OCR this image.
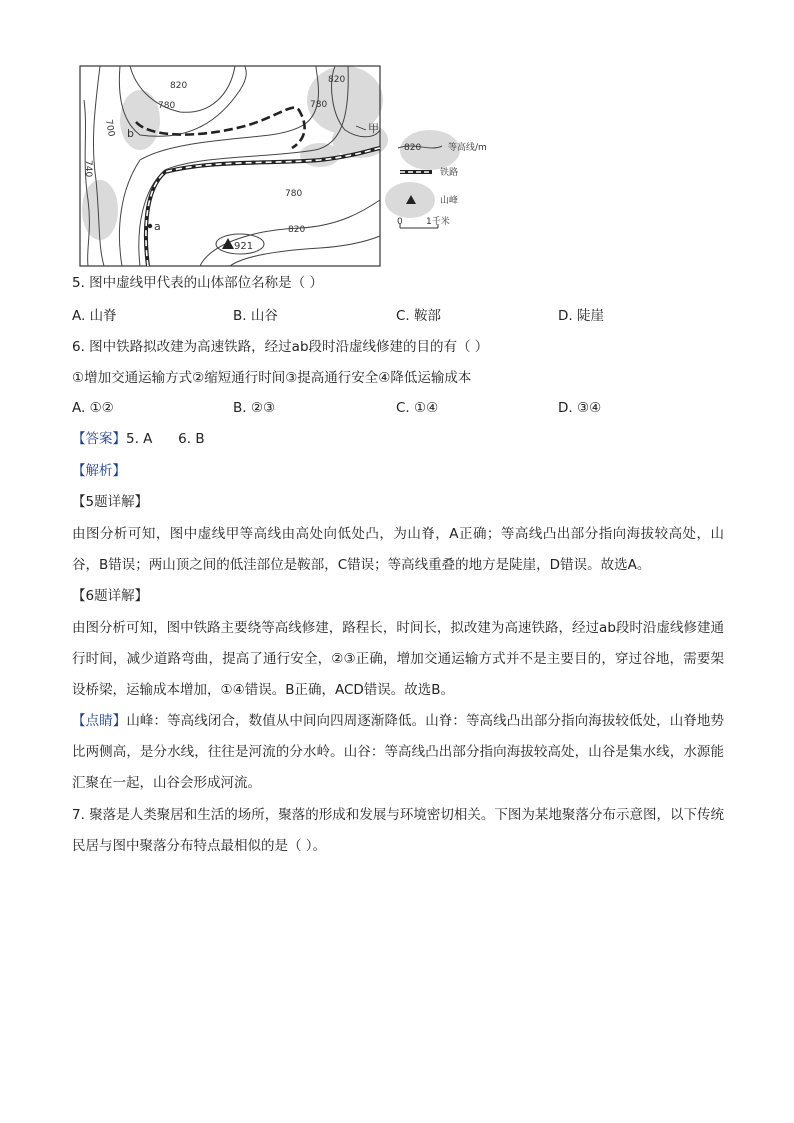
820
780
700
740
820
780
820
780
b
a
甲
921
820	等高线/m
铁路
山峰
0	1千米
5. 图中虚线甲代表的山体部位名称是（ ）
A. 山脊	B. 山谷	C. 鞍部	D. 陡崖
6. 图中铁路拟改建为高速铁路，经过ab段时沿虚线修建的目的有（ ）
①增加交通运输方式②缩短通行时间③提高通行安全④降低运输成本
A. ①②	B. ②③	C. ①④	D. ③④
【答案】5. A      6. B
【解析】
【5题详解】

由图分析可知，图中虚线甲等高线由高处向低处凸，为山脊，A正确；等高线凸出部分指向海拔较高处，山谷，B错误；两山顶之间的低洼部位是鞍部，C错误；等高线重叠的地方是陡崖，D错误。故选A。

【6题详解】

由图分析可知，图中铁路主要绕等高线修建，路程长，时间长，拟改建为高速铁路，经过ab段时沿虚线修建通行时间，减少道路弯曲，提高了通行安全，②③正确，增加交通运输方式并不是主要目的，穿过谷地，需要架设桥梁，运输成本增加，①④错误。B正确，ACD错误。故选B。

【点睛】山峰：等高线闭合，数值从中间向四周逐渐降低。山脊：等高线凸出部分指向海拔较低处，山脊地势比两侧高，是分水线，往往是河流的分水岭。山谷：等高线凸出部分指向海拔较高处，山谷是集水线，水源能汇聚在一起，山谷会形成河流。

7. 聚落是人类聚居和生活的场所，聚落的形成和发展与环境密切相关。下图为某地聚落分布示意图，以下传统民居与图中聚落分布特点最相似的是（ ）。
